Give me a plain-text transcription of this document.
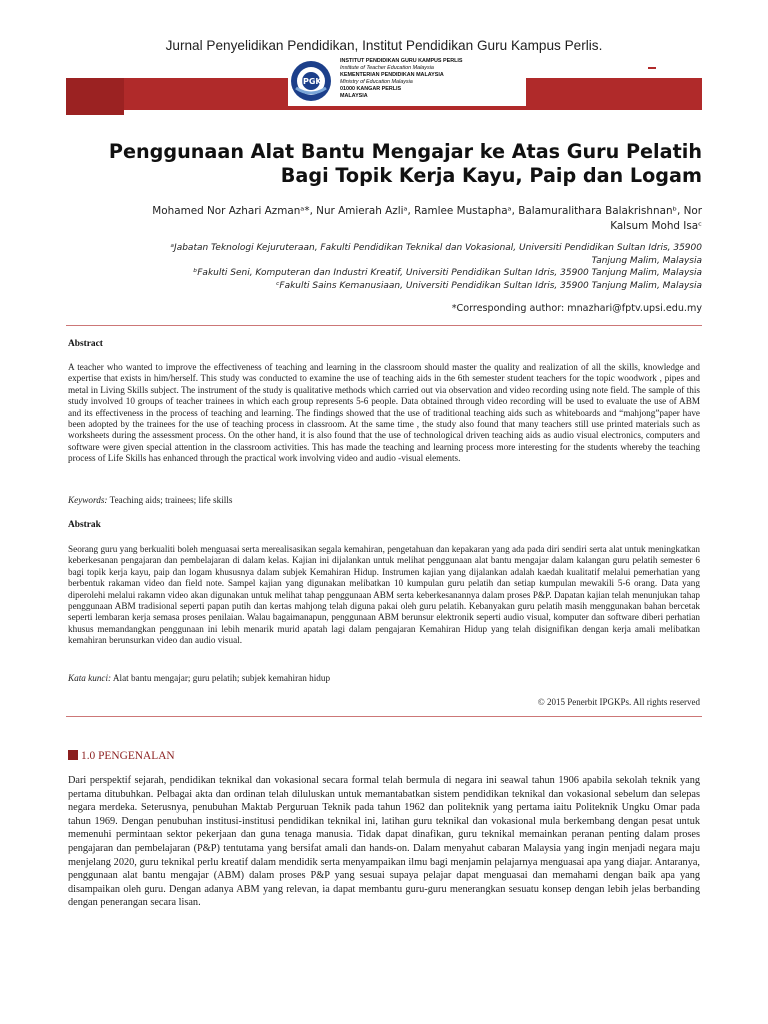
Jurnal Penyelidikan Pendidikan, Institut Pendidikan Guru Kampus Perlis.
IPGK
INSTITUT PENDIDIKAN GURU KAMPUS PERLIS
Institute of Teacher Education Malaysia
KEMENTERIAN PENDIDIKAN MALAYSIA
Ministry of Education Malaysia
01000 KANGAR PERLIS
MALAYSIA
Penggunaan Alat Bantu Mengajar ke Atas Guru Pelatih
Bagi Topik Kerja Kayu, Paip dan Logam
Mohamed Nor Azhari Azmanᵃ*, Nur Amierah Azliᵃ, Ramlee Mustaphaᵃ, Balamuralithara Balakrishnanᵇ, Nor
Kalsum Mohd Isaᶜ
ᵃJabatan Teknologi Kejuruteraan, Fakulti Pendidikan Teknikal dan Vokasional, Universiti Pendidikan Sultan Idris, 35900
Tanjung Malim, Malaysia
ᵇFakulti Seni, Komputeran dan Industri Kreatif, Universiti Pendidikan Sultan Idris, 35900 Tanjung Malim, Malaysia
ᶜFakulti Sains Kemanusiaan, Universiti Pendidikan Sultan Idris, 35900 Tanjung Malim, Malaysia
*Corresponding author: mnazhari@fptv.upsi.edu.my
Abstract
A teacher who wanted to improve the effectiveness of teaching and learning in the classroom should master the quality and realization of all the skills, knowledge and expertise that exists in him/herself. This study was conducted to examine the use of teaching aids in the 6th semester student teachers for the topic woodwork , pipes and metal in Living Skills subject. The instrument of the study is qualitative methods which carried out via observation and video recording using note field. The sample of this study involved 10 groups of teacher trainees in which each group represents 5-6 people. Data obtained through video recording will be used to evaluate the use of ABM and its effectiveness in the process of teaching and learning. The findings showed that the use of traditional teaching aids such as whiteboards and “mahjong”paper have been adopted by the trainees for the use of teaching process in classroom. At the same time , the study also found that many teachers still use printed materials such as worksheets during the assessment process. On the other hand, it is also found that the use of technological driven teaching aids as audio visual electronics, computers and software were given special attention in the classroom activities. This has made the teaching and learning process more interesting for the students whereby the teaching process of Life Skills has enhanced through the practical work involving video and audio -visual elements.
Keywords: Teaching aids; trainees; life skills
Abstrak
Seorang guru yang berkualiti boleh menguasai serta merealisasikan segala kemahiran, pengetahuan dan kepakaran yang ada pada diri sendiri serta alat untuk meningkatkan keberkesanan pengajaran dan pembelajaran di dalam kelas. Kajian ini dijalankan untuk melihat penggunaan alat bantu mengajar dalam kalangan guru pelatih semester 6 bagi topik kerja kayu, paip dan logam khususnya dalam subjek Kemahiran Hidup. Instrumen kajian yang dijalankan adalah kaedah kualitatif melalui pemerhatian yang berbentuk rakaman video dan field note. Sampel kajian yang digunakan melibatkan 10 kumpulan guru pelatih dan setiap kumpulan mewakili 5-6 orang. Data yang diperolehi melalui rakamn video akan digunakan untuk melihat tahap penggunaan ABM serta keberkesanannya dalam proses P&P. Dapatan kajian telah menunjukan tahap penggunaan ABM tradisional seperti papan putih dan kertas mahjong telah diguna pakai oleh guru pelatih. Kebanyakan guru pelatih masih menggunakan bahan bercetak seperti lembaran kerja semasa proses penilaian. Walau bagaimanapun, penggunaan ABM berunsur elektronik seperti audio visual, komputer dan software diberi perhatian khusus memandangkan penggunaan ini lebih menarik murid apatah lagi dalam pengajaran Kemahiran Hidup yang telah disignifikan dengan kerja amali melibatkan kemahiran berunsurkan video dan audio visual.
Kata kunci: Alat bantu mengajar; guru pelatih; subjek kemahiran hidup
© 2015 Penerbit IPGKPs. All rights reserved
1.0 PENGENALAN
Dari perspektif sejarah, pendidikan teknikal dan vokasional secara formal telah bermula di negara ini seawal tahun 1906 apabila sekolah teknik yang pertama ditubuhkan. Pelbagai akta dan ordinan telah diluluskan untuk memantabatkan sistem pendidikan teknikal dan vokasional sebelum dan selepas negara merdeka. Seterusnya, penubuhan Maktab Perguruan Teknik pada tahun 1962 dan politeknik yang pertama iaitu Politeknik Ungku Omar pada tahun 1969. Dengan penubuhan institusi-institusi pendidikan teknikal ini, latihan guru teknikal dan vokasional mula berkembang dengan pesat untuk memenuhi permintaan sektor pekerjaan dan guna tenaga manusia. Tidak dapat dinafikan, guru teknikal memainkan peranan penting dalam proses pengajaran dan pembelajaran (P&P) tentutama yang bersifat amali dan hands-on. Dalam menyahut cabaran Malaysia yang ingin menjadi negara maju menjelang 2020, guru teknikal perlu kreatif dalam mendidik serta menyampaikan ilmu bagi menjamin pelajarnya menguasai apa yang diajar. Antaranya, penggunaan alat bantu mengajar (ABM) dalam proses P&P yang sesuai supaya pelajar dapat menguasai dan memahami dengan baik apa yang disampaikan oleh guru. Dengan adanya ABM yang relevan, ia dapat membantu guru-guru menerangkan sesuatu konsep dengan lebih jelas berbanding dengan penerangan secara lisan.
